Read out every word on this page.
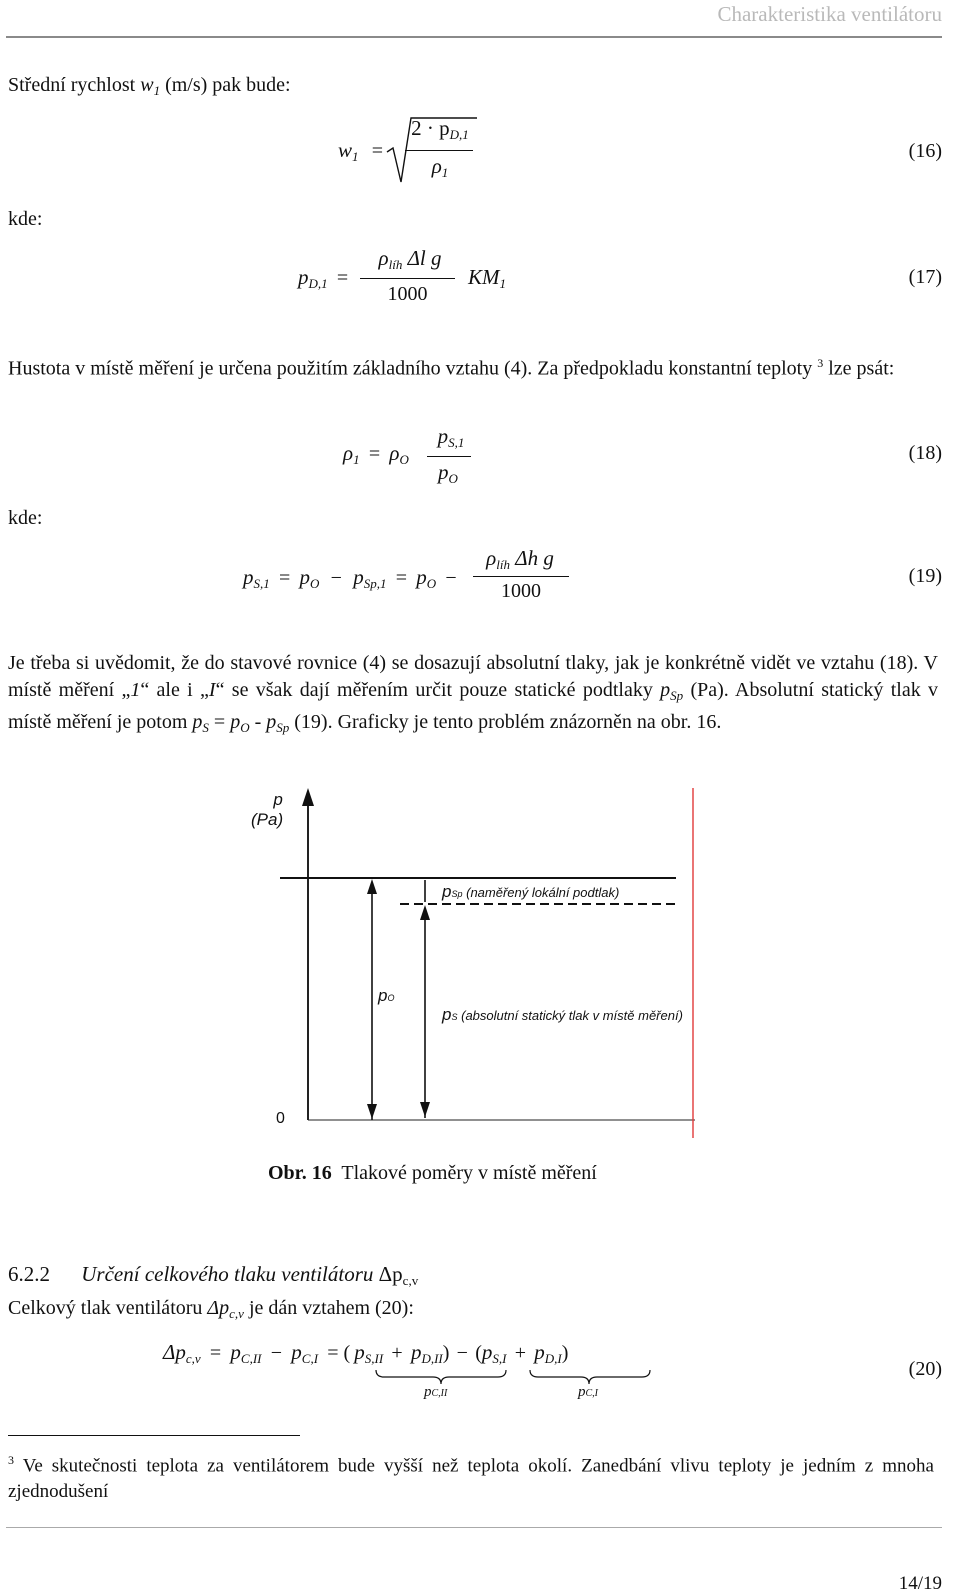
Charakteristika ventilátoru
Střední rychlost $w_1$ (m/s) pak bude:
w1 =
$2 \cdot p_{D,1}$
ρ1
(16)
kde:
pD,1 =
$\rho_{líh}$ Δl g
1000
KM1	(17)
Hustota v místě měření je určena použitím základního vztahu (4). Za předpokladu konstantní teploty $^3$ lze psát:
$\rho 1 = \rho_O$
$p_{S,1}$
$p_O$
(18)
kde:
$pS,1 = p_O - pSp,1 = p_O$ −
$\rho_{líh}$ Δh g
1000
(19)
Je třeba si uvědomit, že do stavové rovnice (4) se dosazují absolutní tlaky, jak je konkrétně vidět ve vztahu (18). V místě měření „1“ ale i „I“ se však dají měřením určit pouze statické podtlaky $p_{Sp}$ (Pa). Absolutní statický tlak v místě měření je potom $p_S = p_O - p_{Sp}$ (19). Graficky je tento problém znázorněn na obr. 16.
p
(Pa)
pSp (naměřený lokální podtlak)
pO
pS (absolutní statický tlak v místě měření)
0
Obr. 16 Tlakové poměry v místě měření
6.2.2 Určení celkového tlaku ventilátoru Δpc,v
Celkový tlak ventilátoru $\Delta p_{c,v}$ je dán vztahem (20):
$\Delta p_{c,v} = p_{C,II} - p_{C,I}$ = ( $p_{S,II} + p_{D,II}) - (p_{S,I} + p_{D,I})$
pC,II	pC,I
(20)
$^3$ Ve skutečnosti teplota za ventilátorem bude vyšší než teplota okolí. Zanedbání vlivu teploty je jedním z mnoha zjednodušení
14/19
